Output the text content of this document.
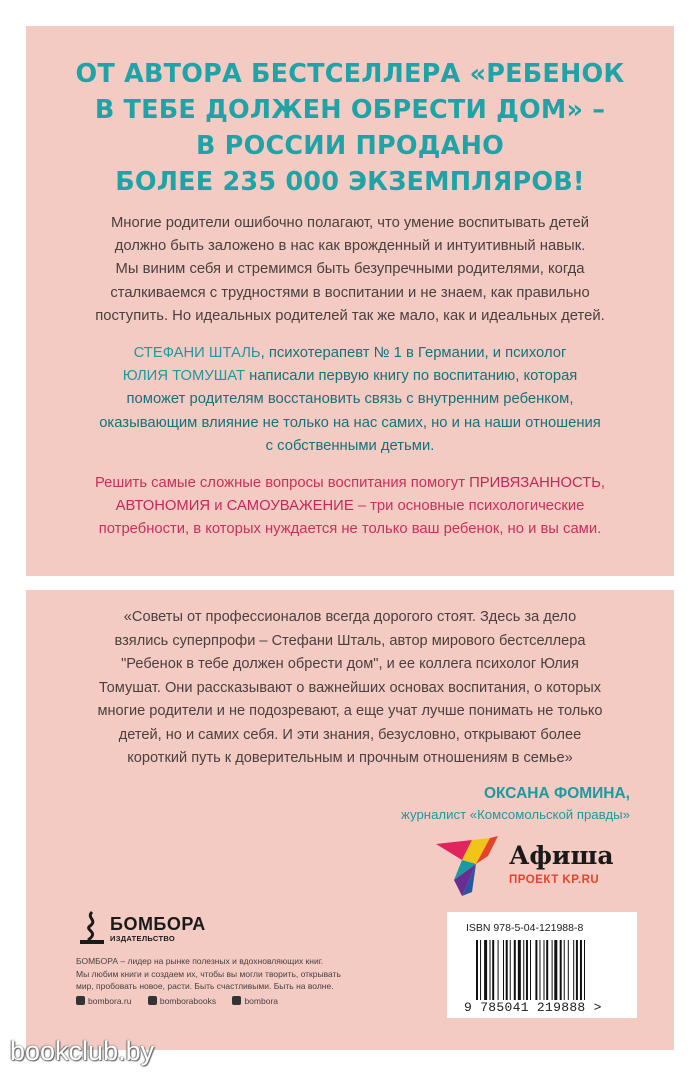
ОТ АВТОРА БЕСТСЕЛЛЕРА «РЕБЕНОК
В ТЕБЕ ДОЛЖЕН ОБРЕСТИ ДОМ» –
В РОССИИ ПРОДАНО
БОЛЕЕ 235 000 ЭКЗЕМПЛЯРОВ!
Многие родители ошибочно полагают, что умение воспитывать детей
должно быть заложено в нас как врожденный и интуитивный навык.
Мы виним себя и стремимся быть безупречными родителями, когда
сталкиваемся с трудностями в воспитании и не знаем, как правильно
поступить. Но идеальных родителей так же мало, как и идеальных детей.
СТЕФАНИ ШТАЛЬ, психотерапевт № 1 в Германии, и психолог
ЮЛИЯ ТОМУШАТ написали первую книгу по воспитанию, которая
поможет родителям восстановить связь с внутренним ребенком,
оказывающим влияние не только на нас самих, но и на наши отношения
с собственными детьми.
Решить самые сложные вопросы воспитания помогут ПРИВЯЗАННОСТЬ,
АВТОНОМИЯ и САМОУВАЖЕНИЕ – три основные психологические
потребности, в которых нуждается не только ваш ребенок, но и вы сами.
«Советы от профессионалов всегда дорогого стоят. Здесь за дело
взялись суперпрофи – Стефани Шталь, автор мирового бестселлера
"Ребенок в тебе должен обрести дом", и ее коллега психолог Юлия
Томушат. Они рассказывают о важнейших основах воспитания, о которых
многие родители и не подозревают, а еще учат лучше понимать не только
детей, но и самих себя. И эти знания, безусловно, открывают более
короткий путь к доверительным и прочным отношениям в семье»
ОКСАНА ФОМИНА,
журналист «Комсомольской правды»
Афиша
ПРОЕКТ KP.RU
БОМБОРА
ИЗДАТЕЛЬСТВО
БОМБОРА – лидер на рынке полезных и вдохновляющих книг.
Мы любим книги и создаем их, чтобы вы могли творить, открывать
мир, пробовать новое, расти. Быть счастливыми. Быть на волне.
bombora.ru	bomborabooks	bombora
ISBN 978-5-04-121988-8
9 785041 219888 >
bookclub.by
